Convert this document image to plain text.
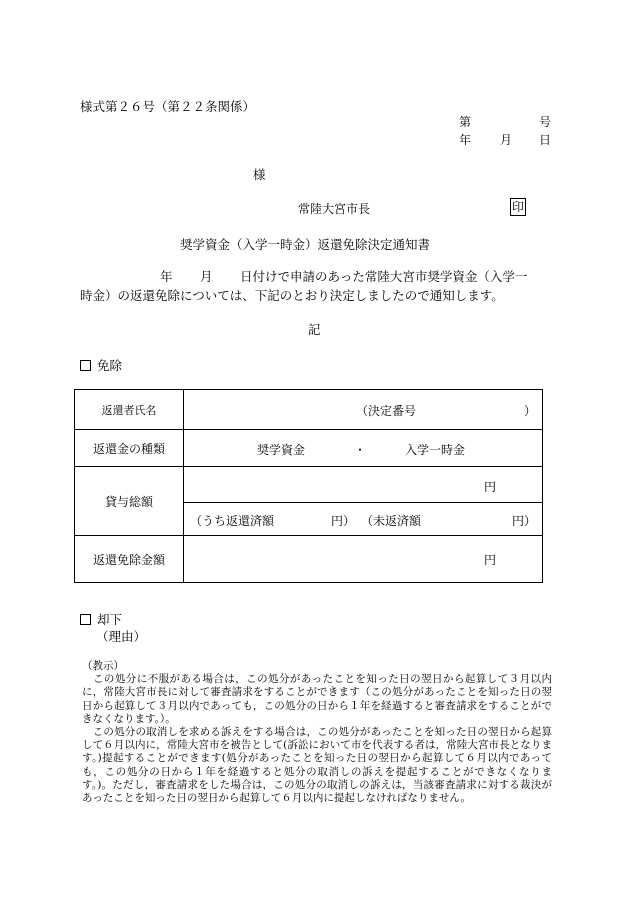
様式第２６号（第２２条関係）
第	号
年 月 日
様
常陸大宮市長	印
奨学資金（入学一時金）返還免除決定通知書
年 月 日付けで申請のあった常陸大宮市奨学資金（入学一
時金）の返還免除については、下記のとおり決定しましたので通知します。
記
免除
返還者氏名	（決定番号 ）

返還金の種類	奨学資金 ・ 入学一時金

貸与総額	円

	（うち返還済額 円） （未返済額 円）

返還免除金額	円
却下
（理由）

（教示）

　この処分に不服がある場合は，この処分があったことを知った日の翌日から起算して３月以内に，常陸大宮市長に対して審査請求をすることができます（この処分があったことを知った日の翌日から起算して３月以内であっても，この処分の日から１年を経過すると審査請求をすることができなくなります。）。

　この処分の取消しを求める訴えをする場合は，この処分があったことを知った日の翌日から起算して６月以内に，常陸大宮市を被告として(訴訟において市を代表する者は，常陸大宮市長となります。)提起することができます(処分があったことを知った日の翌日から起算して６月以内であっても，この処分の日から１年を経過すると処分の取消しの訴えを提起することができなくなります。)。ただし，審査請求をした場合は，この処分の取消しの訴えは，当該審査請求に対する裁決があったことを知った日の翌日から起算して６月以内に提起しなければなりません。
